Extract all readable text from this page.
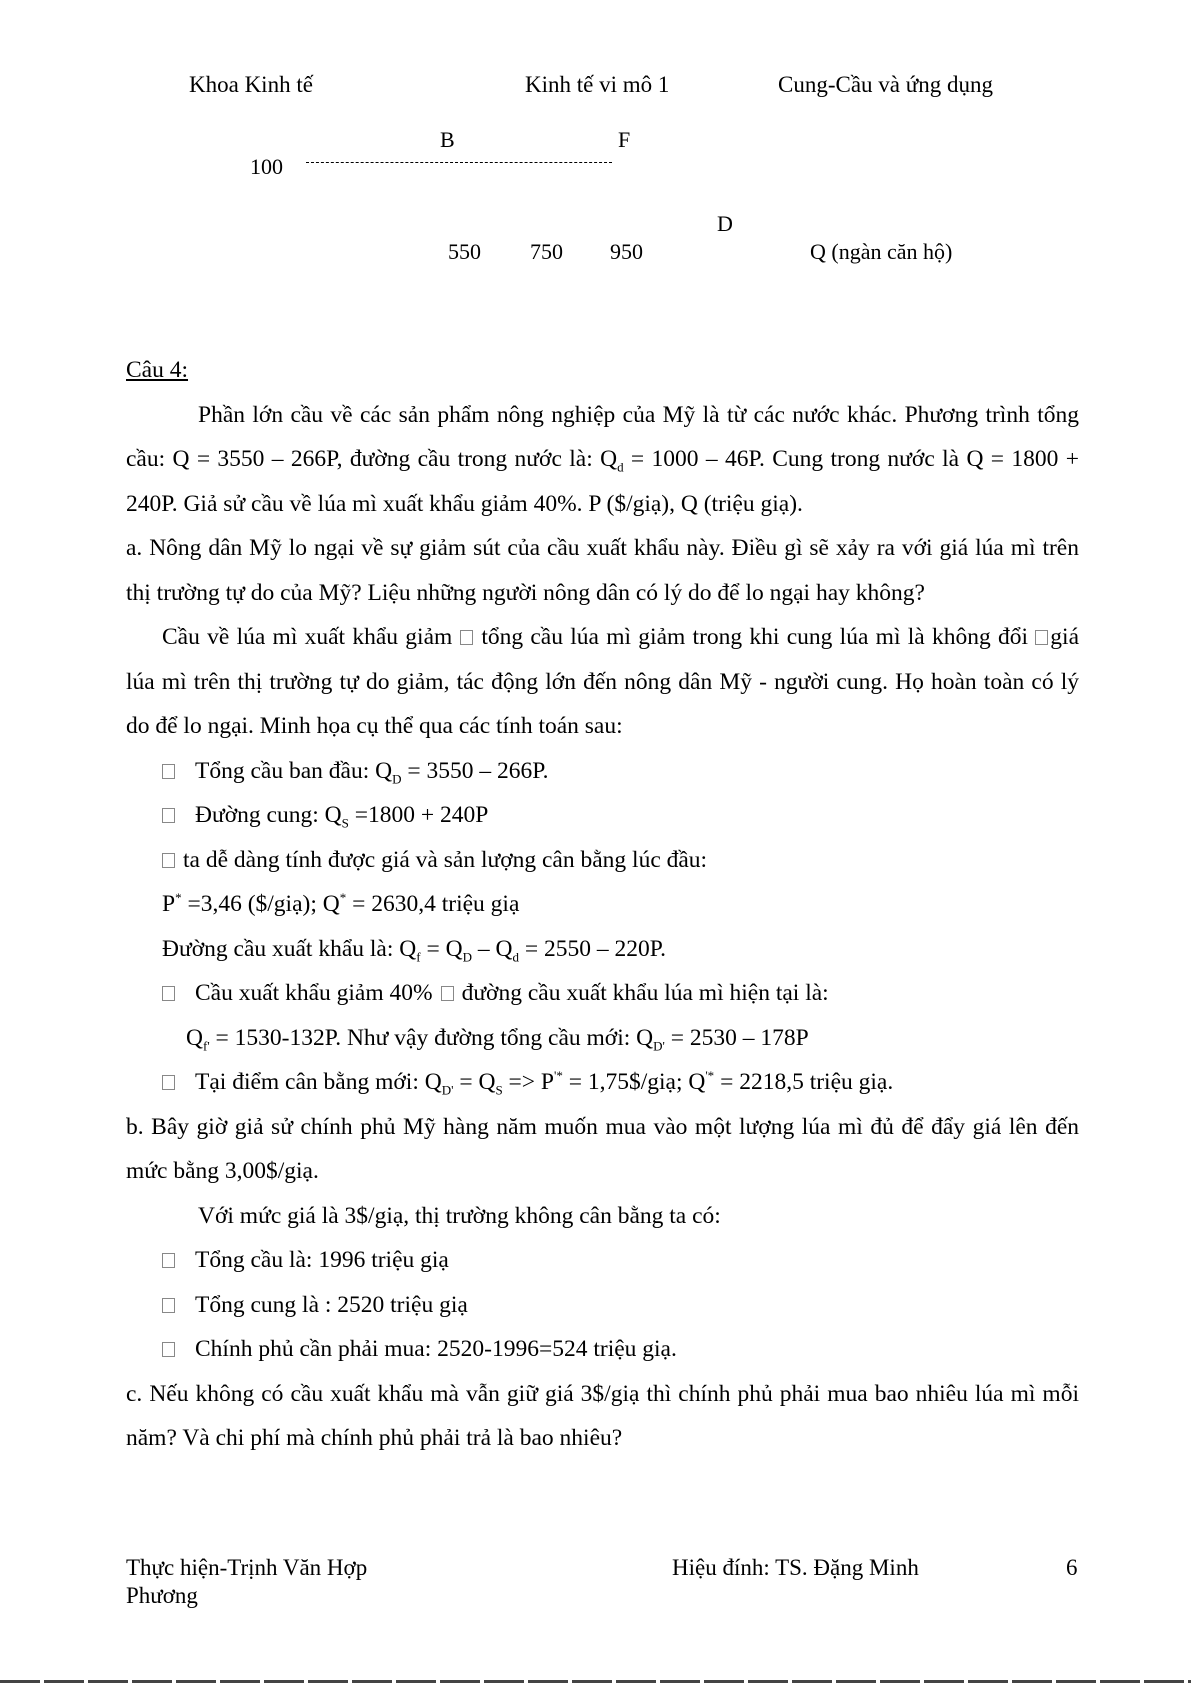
Khoa Kinh tế	Kinh tế vi mô 1	Cung-Cầu và ứng dụng
B	F
100
D
550 750 950	Q (ngàn căn hộ)

Câu 4:

Phần lớn cầu về các sản phẩm nông nghiệp của Mỹ là từ các nước khác. Phương trình tổng cầu: Q = 3550 – 266P, đường cầu trong nước là: $Q_d = 1000 - 46P$. Cung trong nước là Q = 1800 + 240P. Giả sử cầu về lúa mì xuất khẩu giảm 40%. P ($/giạ), Q (triệu giạ).

a. Nông dân Mỹ lo ngại về sự giảm sút của cầu xuất khẩu này. Điều gì sẽ xảy ra với giá lúa mì trên thị trường tự do của Mỹ? Liệu những người nông dân có lý do để lo ngại hay không?

Cầu về lúa mì xuất khẩu giảm tổng cầu lúa mì giảm trong khi cung lúa mì là không đổi giá lúa mì trên thị trường tự do giảm, tác động lớn đến nông dân Mỹ - người cung. Họ hoàn toàn có lý do để lo ngại. Minh họa cụ thể qua các tính toán sau:

Tổng cầu ban đầu: $Q_D = 3550 - 266P$.

Đường cung: $Q_S =1800 + 240P$

ta dễ dàng tính được giá và sản lượng cân bằng lúc đầu:

P* =3,46 ($/giạ); Q* = 2630,4 triệu giạ

Đường cầu xuất khẩu là: $Q_f = Q_D - Q_d = 2550 - 220P$.

Cầu xuất khẩu giảm 40% đường cầu xuất khẩu lúa mì hiện tại là:

$Q_{f'} = 1530-132P$. Như vậy đường tổng cầu mới: $Q_{D'} = 2530 - 178P$

Tại điểm cân bằng mới: $Q_{D'} = Q_S => P^{'*}$ = 1,75$/giạ; Q'* = 2218,5 triệu giạ.

b. Bây giờ giả sử chính phủ Mỹ hàng năm muốn mua vào một lượng lúa mì đủ để đẩy giá lên đến mức bằng 3,00$/giạ.

Với mức giá là 3$/giạ, thị trường không cân bằng ta có:

Tổng cầu là: 1996 triệu giạ

Tổng cung là : 2520 triệu giạ

Chính phủ cần phải mua: 2520-1996=524 triệu giạ.

c. Nếu không có cầu xuất khẩu mà vẫn giữ giá 3$/giạ thì chính phủ phải mua bao nhiêu lúa mì mỗi năm? Và chi phí mà chính phủ phải trả là bao nhiêu?

Thực hiện-Trịnh Văn Hợp
Phương
Hiệu đính: TS. Đặng Minh	6
